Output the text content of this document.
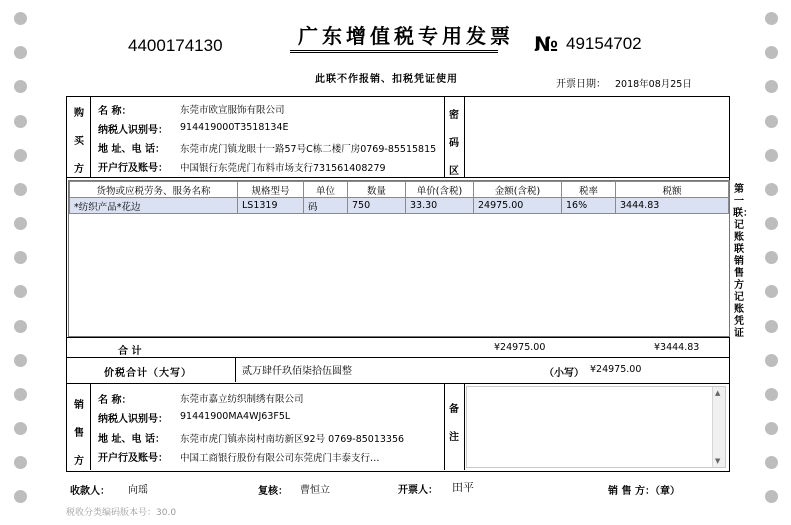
4400174130	广东增值税专用发票 № 49154702
此联不作报销、扣税凭证使用	开票日期： 2018年08月25日
购买方
名 称：	东莞市欧宣服饰有限公司
纳税人识别号： 914419000T3518134E
地 址、电 话： 东莞市虎门镇龙眼十一路57号C栋二楼厂房0769-85515815
开户行及账号： 中国银行东莞虎门布料市场支行731561408279
密码区
货物或应税劳务、服务名称	规格型号	单位	数量	单价(含税)	金额(含税)	税率	税额
*纺织产品*花边	LS1319	码	750	33.30	24975.00	16%	3444.83
合 计	¥24975.00	¥3444.83
价税合计（大写）	贰万肆仟玖佰柒拾伍圆整	（小写） ¥24975.00
销售方
名 称：	东莞市嘉立纺织制绣有限公司
纳税人识别号： 91441900MA4WJ63F5L
地 址、电 话： 东莞市虎门镇赤岗村南坊新区92号 0769-85013356
开户行及账号： 中国工商银行股份有限公司东莞虎门丰泰支行…
备注
▲
▼
第一联：记账联 销售方记账凭证
收款人： 向瑶	复核： 曹恒立	开票人： 田平	销 售 方：（章）
税收分类编码版本号：30.0
